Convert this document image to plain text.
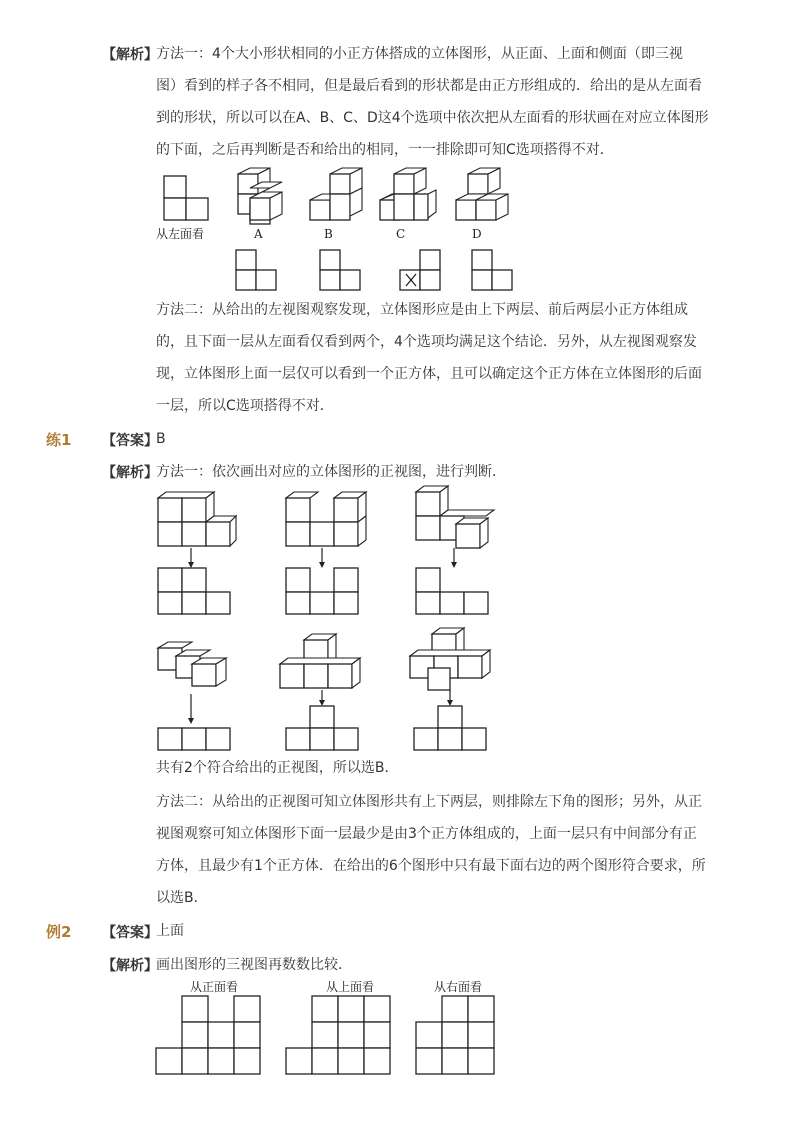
【解析】
方法一：4个大小形状相同的小正方体搭成的立体图形，从正面、上面和侧面（即三视
图）看到的样子各不相同，但是最后看到的形状都是由正方形组成的．给出的是从左面看
到的形状，所以可以在A、B、C、D这4个选项中依次把从左面看的形状画在对应立体图形
的下面，之后再判断是否和给出的相同，一一排除即可知C选项搭得不对．
从左面看	A	B	C	D
方法二：从给出的左视图观察发现，立体图形应是由上下两层、前后两层小正方体组成
的，且下面一层从左面看仅看到两个，4个选项均满足这个结论．另外，从左视图观察发
现，立体图形上面一层仅可以看到一个正方体，且可以确定这个正方体在立体图形的后面
一层，所以C选项搭得不对．
练1 【答案】
B
【解析】
方法一：依次画出对应的立体图形的正视图，进行判断．
共有2个符合给出的正视图，所以选B．
方法二：从给出的正视图可知立体图形共有上下两层，则排除左下角的图形；另外，从正
视图观察可知立体图形下面一层最少是由3个正方体组成的，上面一层只有中间部分有正
方体，且最少有1个正方体．在给出的6个图形中只有最下面右边的两个图形符合要求，所
以选B．
例2 【答案】
上面
【解析】
画出图形的三视图再数数比较．
从正面看	从上面看	从右面看
